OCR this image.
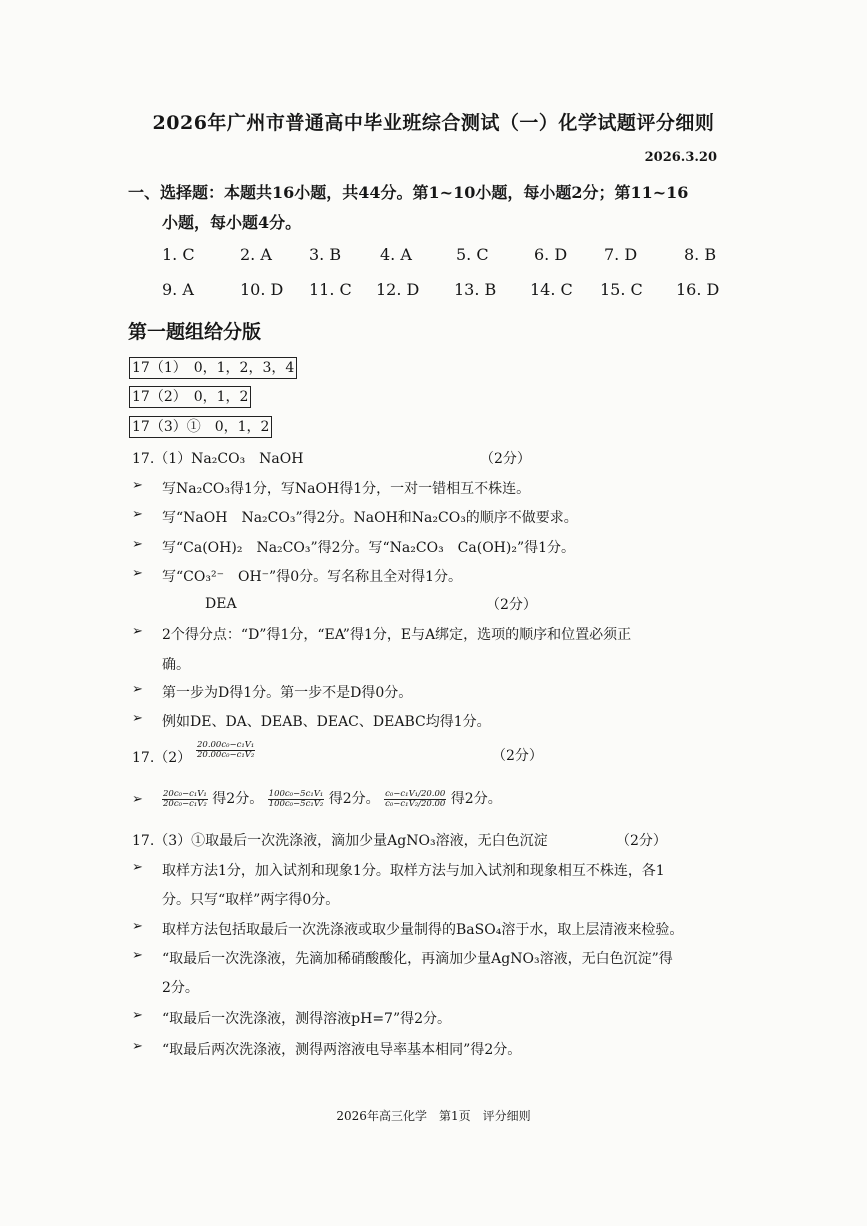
2026年广州市普通高中毕业班综合测试（一）化学试题评分细则
2026.3.20
一、选择题：本题共16小题，共44分。第1~10小题，每小题2分；第11~16
小题，每小题4分。
1. C	2. A 3. B 4. A	5. C	6. D 7. D	8. B
9. A	10. D 11. C 12. D 13. B 14. C 15. C 16. D
第一题组给分版
17（1）　0，1，2，3，4
17（2）　0，1，2
17（3）①　0，1，2
17.（1）Na₂CO₃　NaOH	（2分）
➢ 写Na₂CO₃得1分，写NaOH得1分，一对一错相互不株连。
➢ 写“NaOH　Na₂CO₃”得2分。NaOH和Na₂CO₃的顺序不做要求。
➢ 写“Ca(OH)₂　Na₂CO₃”得2分。写“Na₂CO₃　Ca(OH)₂”得1分。
➢ 写“CO₃²⁻　OH⁻”得0分。写名称且全对得1分。
DEA	（2分）
➢ 2个得分点：“D”得1分，“EA”得1分，E与A绑定，选项的顺序和位置必须正
确。
➢ 第一步为D得1分。第一步不是D得0分。
➢ 例如DE、DA、DEAB、DEAC、DEABC均得1分。
$17.(2) \frac{\text{20.00c₀−c₁V₁}}{\text{20.00c₀−c₁V₂}}$	（2分）
➢ $\frac{\text{20c₀−c₁V₁}}{\text{20c₀−c₁V₂}}$ 得2分。 $\frac{\text{100c₀−5c₁V₁}}{\text{100c₀−5c₁V₂}}$ 得2分。 $\frac{\text{c₀−c₁V₁/20.00}}{\text{c₀−c₁V₂/20.00}}$ 得2分。
17.（3）①取最后一次洗涤液，滴加少量AgNO₃溶液，无白色沉淀	（2分）
➢ 取样方法1分，加入试剂和现象1分。取样方法与加入试剂和现象相互不株连，各1
分。只写“取样”两字得0分。
➢ 取样方法包括取最后一次洗涤液或取少量制得的BaSO₄溶于水，取上层清液来检验。
➢ “取最后一次洗涤液，先滴加稀硝酸酸化，再滴加少量AgNO₃溶液，无白色沉淀”得
2分。
➢ “取最后一次洗涤液，测得溶液pH=7”得2分。
➢ “取最后两次洗涤液，测得两溶液电导率基本相同”得2分。
2026年高三化学　第1页　评分细则
